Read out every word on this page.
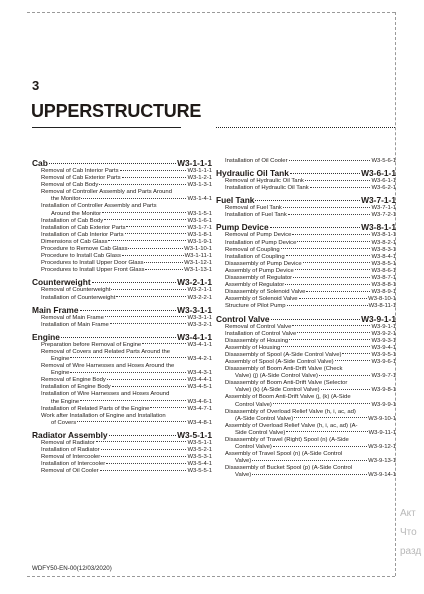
3
UPPERSTRUCTURE
Cab	W3-1-1-1
Removal of Cab Interior Parts	W3-1-1-1
Removal of Cab Exterior Parts	W3-1-2-1
Removal of Cab Body	W3-1-3-1
Removal of Controller Assembly and Parts Around
the Monitor	W3-1-4-1
Installation of Controller Assembly and Parts
Around the Monitor	W3-1-5-1
Installation of Cab Body	W3-1-6-1
Installation of Cab Exterior Parts	W3-1-7-1
Installation of Cab Interior Parts	W3-1-8-1
Dimensions of Cab Glass	W3-1-9-1
Procedure to Remove Cab Glass	W3-1-10-1
Procedure to Install Cab Glass	W3-1-11-1
Procedures to Install Upper Door Glass	W3-1-12-1
Procedures to Install Upper Front Glass	W3-1-13-1
Counterweight	W3-2-1-1
Removal of Counterweight	W3-2-1-1
Installation of Counterweight	W3-2-2-1
Main Frame	W3-3-1-1
Removal of Main Frame	W3-3-1-1
Installation of Main Frame	W3-3-2-1
Engine	W3-4-1-1
Preparation before Removal of Engine	W3-4-1-1
Removal of Covers and Related Parts Around the
Engine	W3-4-2-1
Removal of Wire Harnesses and Hoses Around the
Engine	W3-4-3-1
Removal of Engine Body	W3-4-4-1
Installation of Engine Body	W3-4-5-1
Installation of Wire Harnesses and Hoses Around
the Engine	W3-4-6-1
Installation of Related Parts of the Engine	W3-4-7-1
Work after Installation of Engine and Installation
of Covers	W3-4-8-1
Radiator Assembly	W3-5-1-1
Removal of Radiator	W3-5-1-1
Installation of Radiator	W3-5-2-1
Removal of Intercooler	W3-5-3-1
Installation of Intercooler	W3-5-4-1
Removal of Oil Cooler	W3-5-5-1
Installation of Oil Cooler	W3-5-6-1
Hydraulic Oil Tank	W3-6-1-1
Removal of Hydraulic Oil Tank	W3-6-1-1
Installation of Hydraulic Oil Tank	W3-6-2-1
Fuel Tank	W3-7-1-1
Removal of Fuel Tank	W3-7-1-1
Installation of Fuel Tank	W3-7-2-1
Pump Device	W3-8-1-1
Removal of Pump Device	W3-8-1-1
Installation of Pump Device	W3-8-2-1
Removal of Coupling	W3-8-3-1
Installation of Coupling	W3-8-4-1
Disassembly of Pump Device	W3-8-5-1
Assembly of Pump Device	W3-8-6-1
Disassembly of Regulator	W3-8-7-1
Assembly of Regulator	W3-8-8-1
Disassembly of Solenoid Valve	W3-8-9-1
Assembly of Solenoid Valve	W3-8-10-1
Structure of Pilot Pump	W3-8-11-1
Control Valve	W3-9-1-1
Removal of Control Valve	W3-9-1-1
Installation of Control Valve	W3-9-2-1
Disassembly of Housing	W3-9-3-1
Assembly of Housing	W3-9-4-1
Disassembly of Spool (A-Side Control Valve)	W3-9-5-1
Assembly of Spool (A-Side Control Valve)	W3-9-6-1
Disassembly of Boom Anti-Drift Valve (Check
Valve) (j) (A-Side Control Valve)	W3-9-7-1
Disassembly of Boom Anti-Drift Valve (Selector
Valve) (k) (A-Side Control Valve)	W3-9-8-1
Assembly of Boom Anti-Drift Valve (j, (k) (A-Side
Control Valve)	W3-9-9-1
Disassembly of Overload Relief Valve (h, i, ac, ad)
(A-Side Control Valve)	W3-9-10-1
Assembly of Overload Relief Valve (h, i, ac, ad) (A-
Side Control Valve)	W3-9-11-1
Disassembly of Travel (Right) Spool (n) (A-Side
Control Valve)	W3-9-12-1
Assembly of Travel Spool (n) (A-Side Control
Valve)	W3-9-13-1
Disassembly of Bucket Spool (p) (A-Side Control
Valve)	W3-9-14-1
WDFY50-EN-00(12/03/2020)
Акт
Что
разд
